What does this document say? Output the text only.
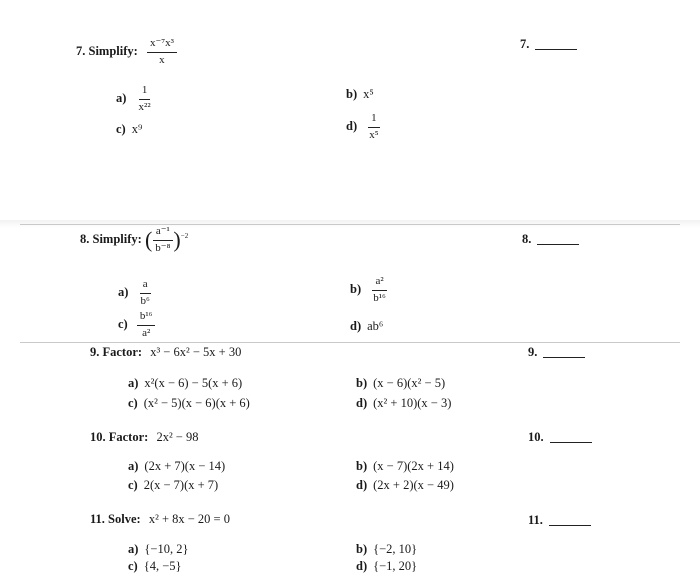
7. Simplify: $\frac{\text{x⁻⁷x³}}{x}$	7.
$a) \frac{1}{\text{x²²}}$	b) x⁵
c) x⁹	$d) \frac{1}{\text{x⁵}}$
8. Simplify: ( $\frac{\text{a⁻¹}}{\text{b⁻⁸}} )^{-2}$	8.
$a) \frac{a}{\text{b⁶}}$	$b) \frac{\text{a²}}{\text{b¹⁶}}$
$c) \frac{\text{b¹⁶}}{\text{a²}}$	d) ab⁶
9. Factor: x³ − 6x² − 5x + 30	9.
a) x²(x − 6) − 5(x + 6)	b) (x − 6)(x² − 5)
c) (x² − 5)(x − 6)(x + 6)	d) (x² + 10)(x − 3)
10. Factor: 2x² − 98	10.
a) (2x + 7)(x − 14)	b) (x − 7)(2x + 14)
c) 2(x − 7)(x + 7)	d) (2x + 2)(x − 49)
11. Solve: x² + 8x − 20 = 0	11.
a) {−10, 2}	b) {−2, 10}
c) {4, −5}	d) {−1, 20}
